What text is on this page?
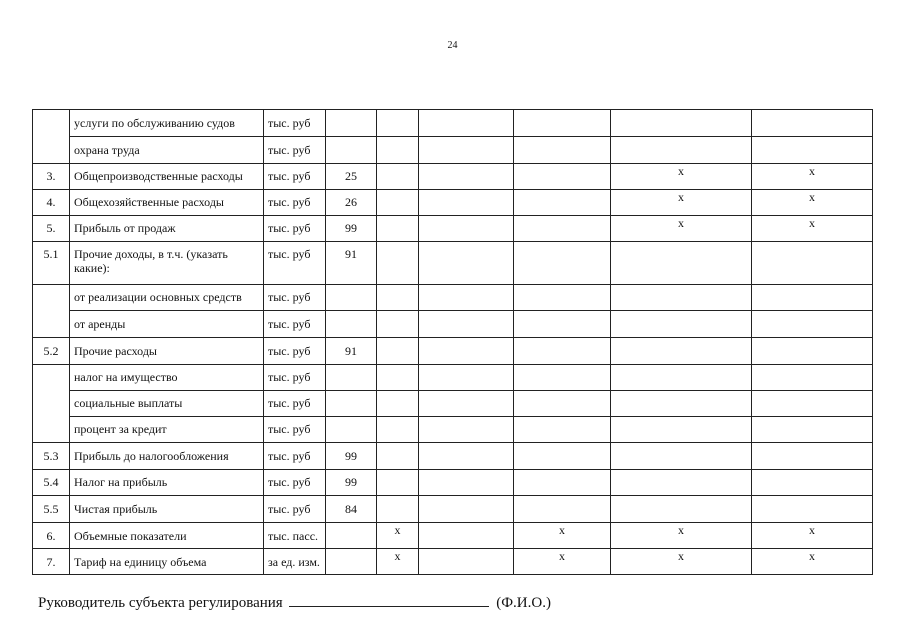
24
	услуги по обслуживанию судов	тыс. руб						
	охрана труда	тыс. руб						
3.	Общепроизводственные расходы	тыс. руб	25				x	x
4.	Общехозяйственные расходы	тыс. руб	26				x	x
5.	Прибыль от продаж	тыс. руб	99				x	x
5.1	Прочие доходы, в т.ч. (указать какие):	тыс. руб	91					
	от реализации основных средств	тыс. руб						
	от аренды	тыс. руб						
5.2	Прочие расходы	тыс. руб	91					
	налог на имущество	тыс. руб						
	социальные выплаты	тыс. руб						
	процент за кредит	тыс. руб						
5.3	Прибыль до налогообложения	тыс. руб	99					
5.4	Налог на прибыль	тыс. руб	99					
5.5	Чистая прибыль	тыс. руб	84					
6.	Объемные показатели	тыс. пасс.		x		x	x	x
7.	Тариф на единицу объема	за ед. изм.		x		x	x	x
Руководитель субъекта регулирования	(Ф.И.О.)
